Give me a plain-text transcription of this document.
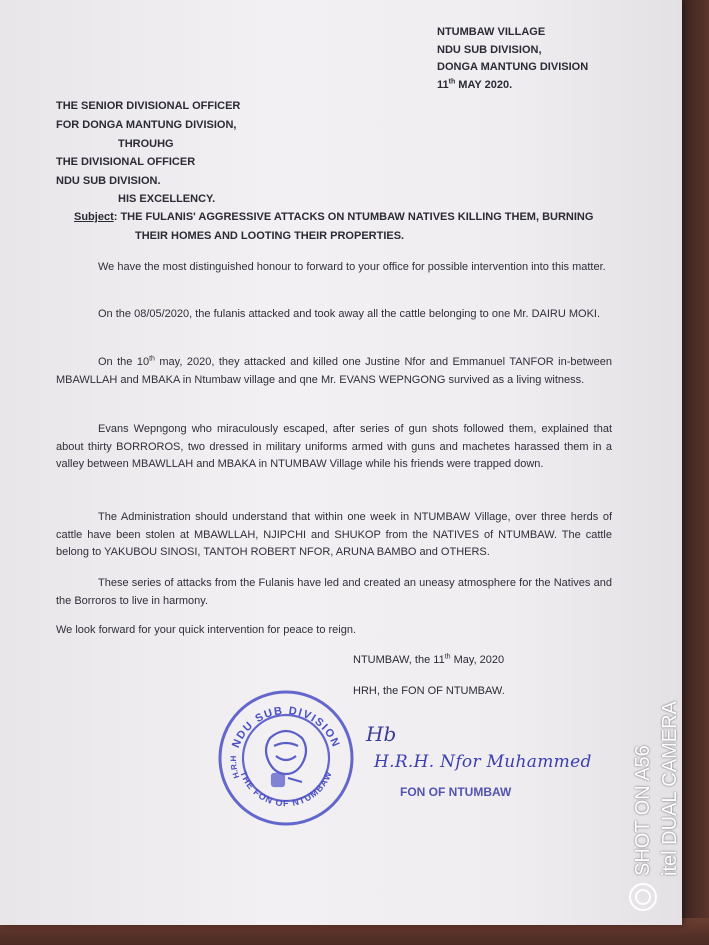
NTUMBAW VILLAGE
NDU SUB DIVISION,
DONGA MANTUNG DIVISION
11th MAY 2020.
THE SENIOR DIVISIONAL OFFICER
FOR DONGA MANTUNG DIVISION,
THROUHG
THE DIVISIONAL OFFICER
NDU SUB DIVISION.
HIS EXCELLENCY.
Subject: THE FULANIS' AGGRESSIVE ATTACKS ON NTUMBAW NATIVES KILLING THEM, BURNING
THEIR HOMES AND LOOTING THEIR PROPERTIES.
We have the most distinguished honour to forward to your office for possible intervention into this matter.
On the 08/05/2020, the fulanis attacked and took away all the cattle belonging to one Mr. DAIRU MOKI.
On the 10th may, 2020, they attacked and killed one Justine Nfor and Emmanuel TANFOR in-between MBAWLLAH and MBAKA in Ntumbaw village and qne Mr. EVANS WEPNGONG survived as a living witness.
Evans Wepngong who miraculously escaped, after series of gun shots followed them, explained that about thirty BORROROS, two dressed in military uniforms armed with guns and machetes harassed them in a valley between MBAWLLAH and MBAKA in NTUMBAW Village while his friends were trapped down.
The Administration should understand that within one week in NTUMBAW Village, over three herds of cattle have been stolen at MBAWLLAH, NJIPCHI and SHUKOP from the NATIVES of NTUMBAW. The cattle belong to YAKUBOU SINOSI, TANTOH ROBERT NFOR, ARUNA BAMBO and OTHERS.
These series of attacks from the Fulanis have led and created an uneasy atmosphere for the Natives and the Borroros to live in harmony.
We look forward for your quick intervention for peace to reign.
NTUMBAW, the 11th May, 2020
HRH, the FON OF NTUMBAW.
NDU SUB DIVISION
THE FON OF NTUMBAW
H.R.H
Hb
H.R.H. Nfor Muhammed
FON OF NTUMBAW	SHOT ON A56 itel DUAL CAMERA
